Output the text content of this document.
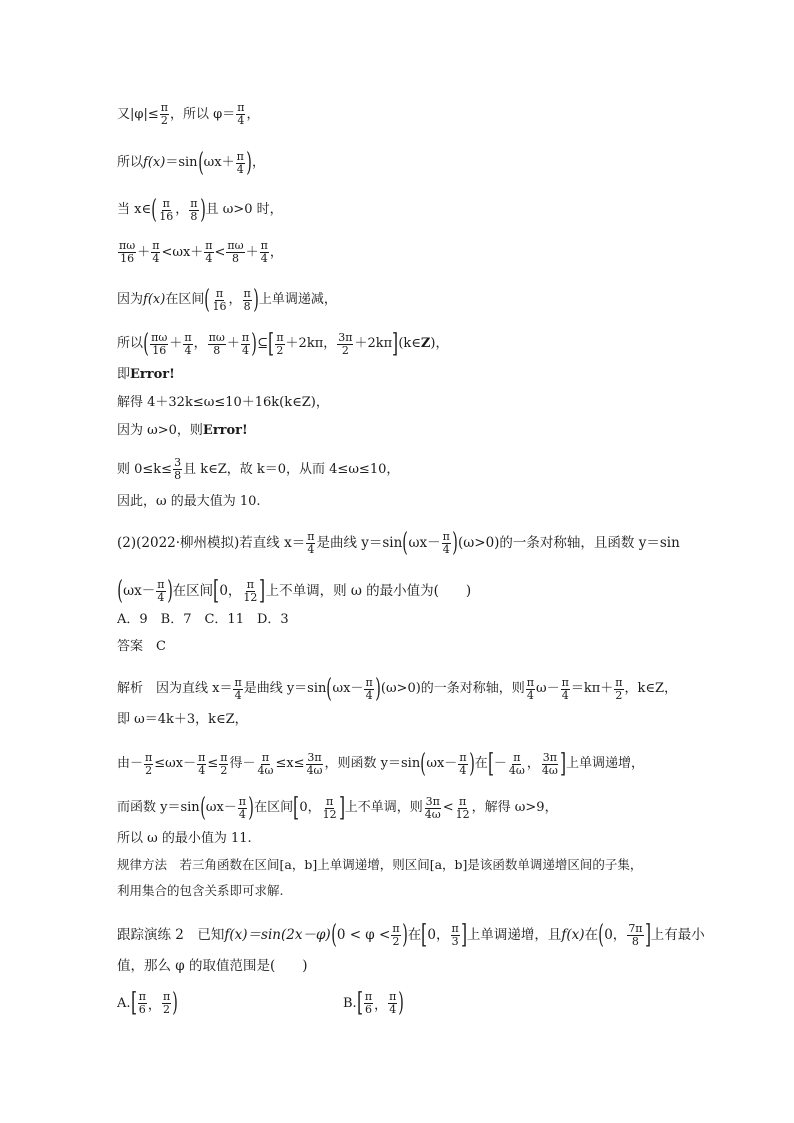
又$|\varphi|\le \frac{\pi}{2}$ ，所以 $\varphi= \frac{\pi}{4}$ ，
所以 f(x) ＝sin ( $\omega x+ \frac{\pi}{4}$ ) ，
当 x∈ ( $\frac{\pi}{16}$ ， $\frac{\pi}{8}$ ) 且 ω>0 时，
$\frac{\pi\omega}{16} + \frac{\pi}{4} <\omega x+ \frac{\pi}{4} < \frac{\pi\omega}{8} + \frac{\pi}{4}$ ，
因为 f(x) 在区间 ( $\frac{\pi}{16}$ ， $\frac{\pi}{8}$ ) 上单调递减，
所以 ( $\frac{\pi\omega}{16} + \frac{\pi}{4}$ ， $\frac{\pi\omega}{8} + \frac{\pi}{4}$ ) ⊆ [ $\frac{\pi}{2} +2k\pi$， $\frac{3\pi}{2} +2k\pi$ ] (k∈ Z )，
即 Error!
解得 4＋32k≤ω≤10＋16k(k∈Z)，
因为 ω>0，则 Error!
则 $0\le k\le \frac{3}{8}$ 且 k∈Z，故 k＝0，从而 4≤ω≤10，
因此，ω 的最大值为 10.
(2)(2022·柳州模拟)若直线 $x= \frac{\pi}{4}$ 是曲线 y＝sin ( $\omega x- \frac{\pi}{4}$ ) (ω>0)的一条对称轴，且函数 y＝sin
( $\omega x- \frac{\pi}{4}$ ) 在区间 [ 0， $\frac{\pi}{12}$ ] 上不单调，则 ω 的最小值为(　　)
A．9　B．7　C．11　D．3
答案　C
解析　因为直线 $x= \frac{\pi}{4}$ 是曲线 y＝sin ( $\omega x- \frac{\pi}{4}$ ) (ω>0)的一条对称轴，则 $\frac{\pi}{4} \omega- \frac{\pi}{4} =k\pi+ \frac{\pi}{2}$ ，k∈Z，
即 ω＝4k＋3，k∈Z，
由－ $\frac{\pi}{2} \le\omega x- \frac{\pi}{4} \le \frac{\pi}{2}$ 得－ $\frac{\pi}{4\omega} \le x\le \frac{3\pi}{4\omega}$ ，则函数 y＝sin ( $\omega x- \frac{\pi}{4}$ ) 在 [ － $\frac{\pi}{4\omega}$ ， $\frac{3\pi}{4\omega}$ ] 上单调递增，
而函数 y＝sin ( $\omega x- \frac{\pi}{4}$ ) 在区间 [ 0， $\frac{\pi}{12}$ ] 上不单调，则 $\frac{3\pi}{4\omega} < \frac{\pi}{12}$ ，解得 ω>9，
所以 ω 的最小值为 11.
规律方法　若三角函数在区间[a，b]上单调递增，则区间[a，b]是该函数单调递增区间的子集，
利用集合的包含关系即可求解.
跟踪演练 2　已知 f(x)＝sin(2x－φ) ( $0 < \varphi < \frac{\pi}{2}$ ) 在 [ 0， $\frac{\pi}{3}$ ] 上单调递增，且 f(x) 在 ( 0， $\frac{7\pi}{8}$ ] 上有最小
值，那么 φ 的取值范围是(　　)
A. [ $\frac{\pi}{6}$ ， $\frac{\pi}{2}$ )	B. [ $\frac{\pi}{6}$ ， $\frac{\pi}{4}$ )
